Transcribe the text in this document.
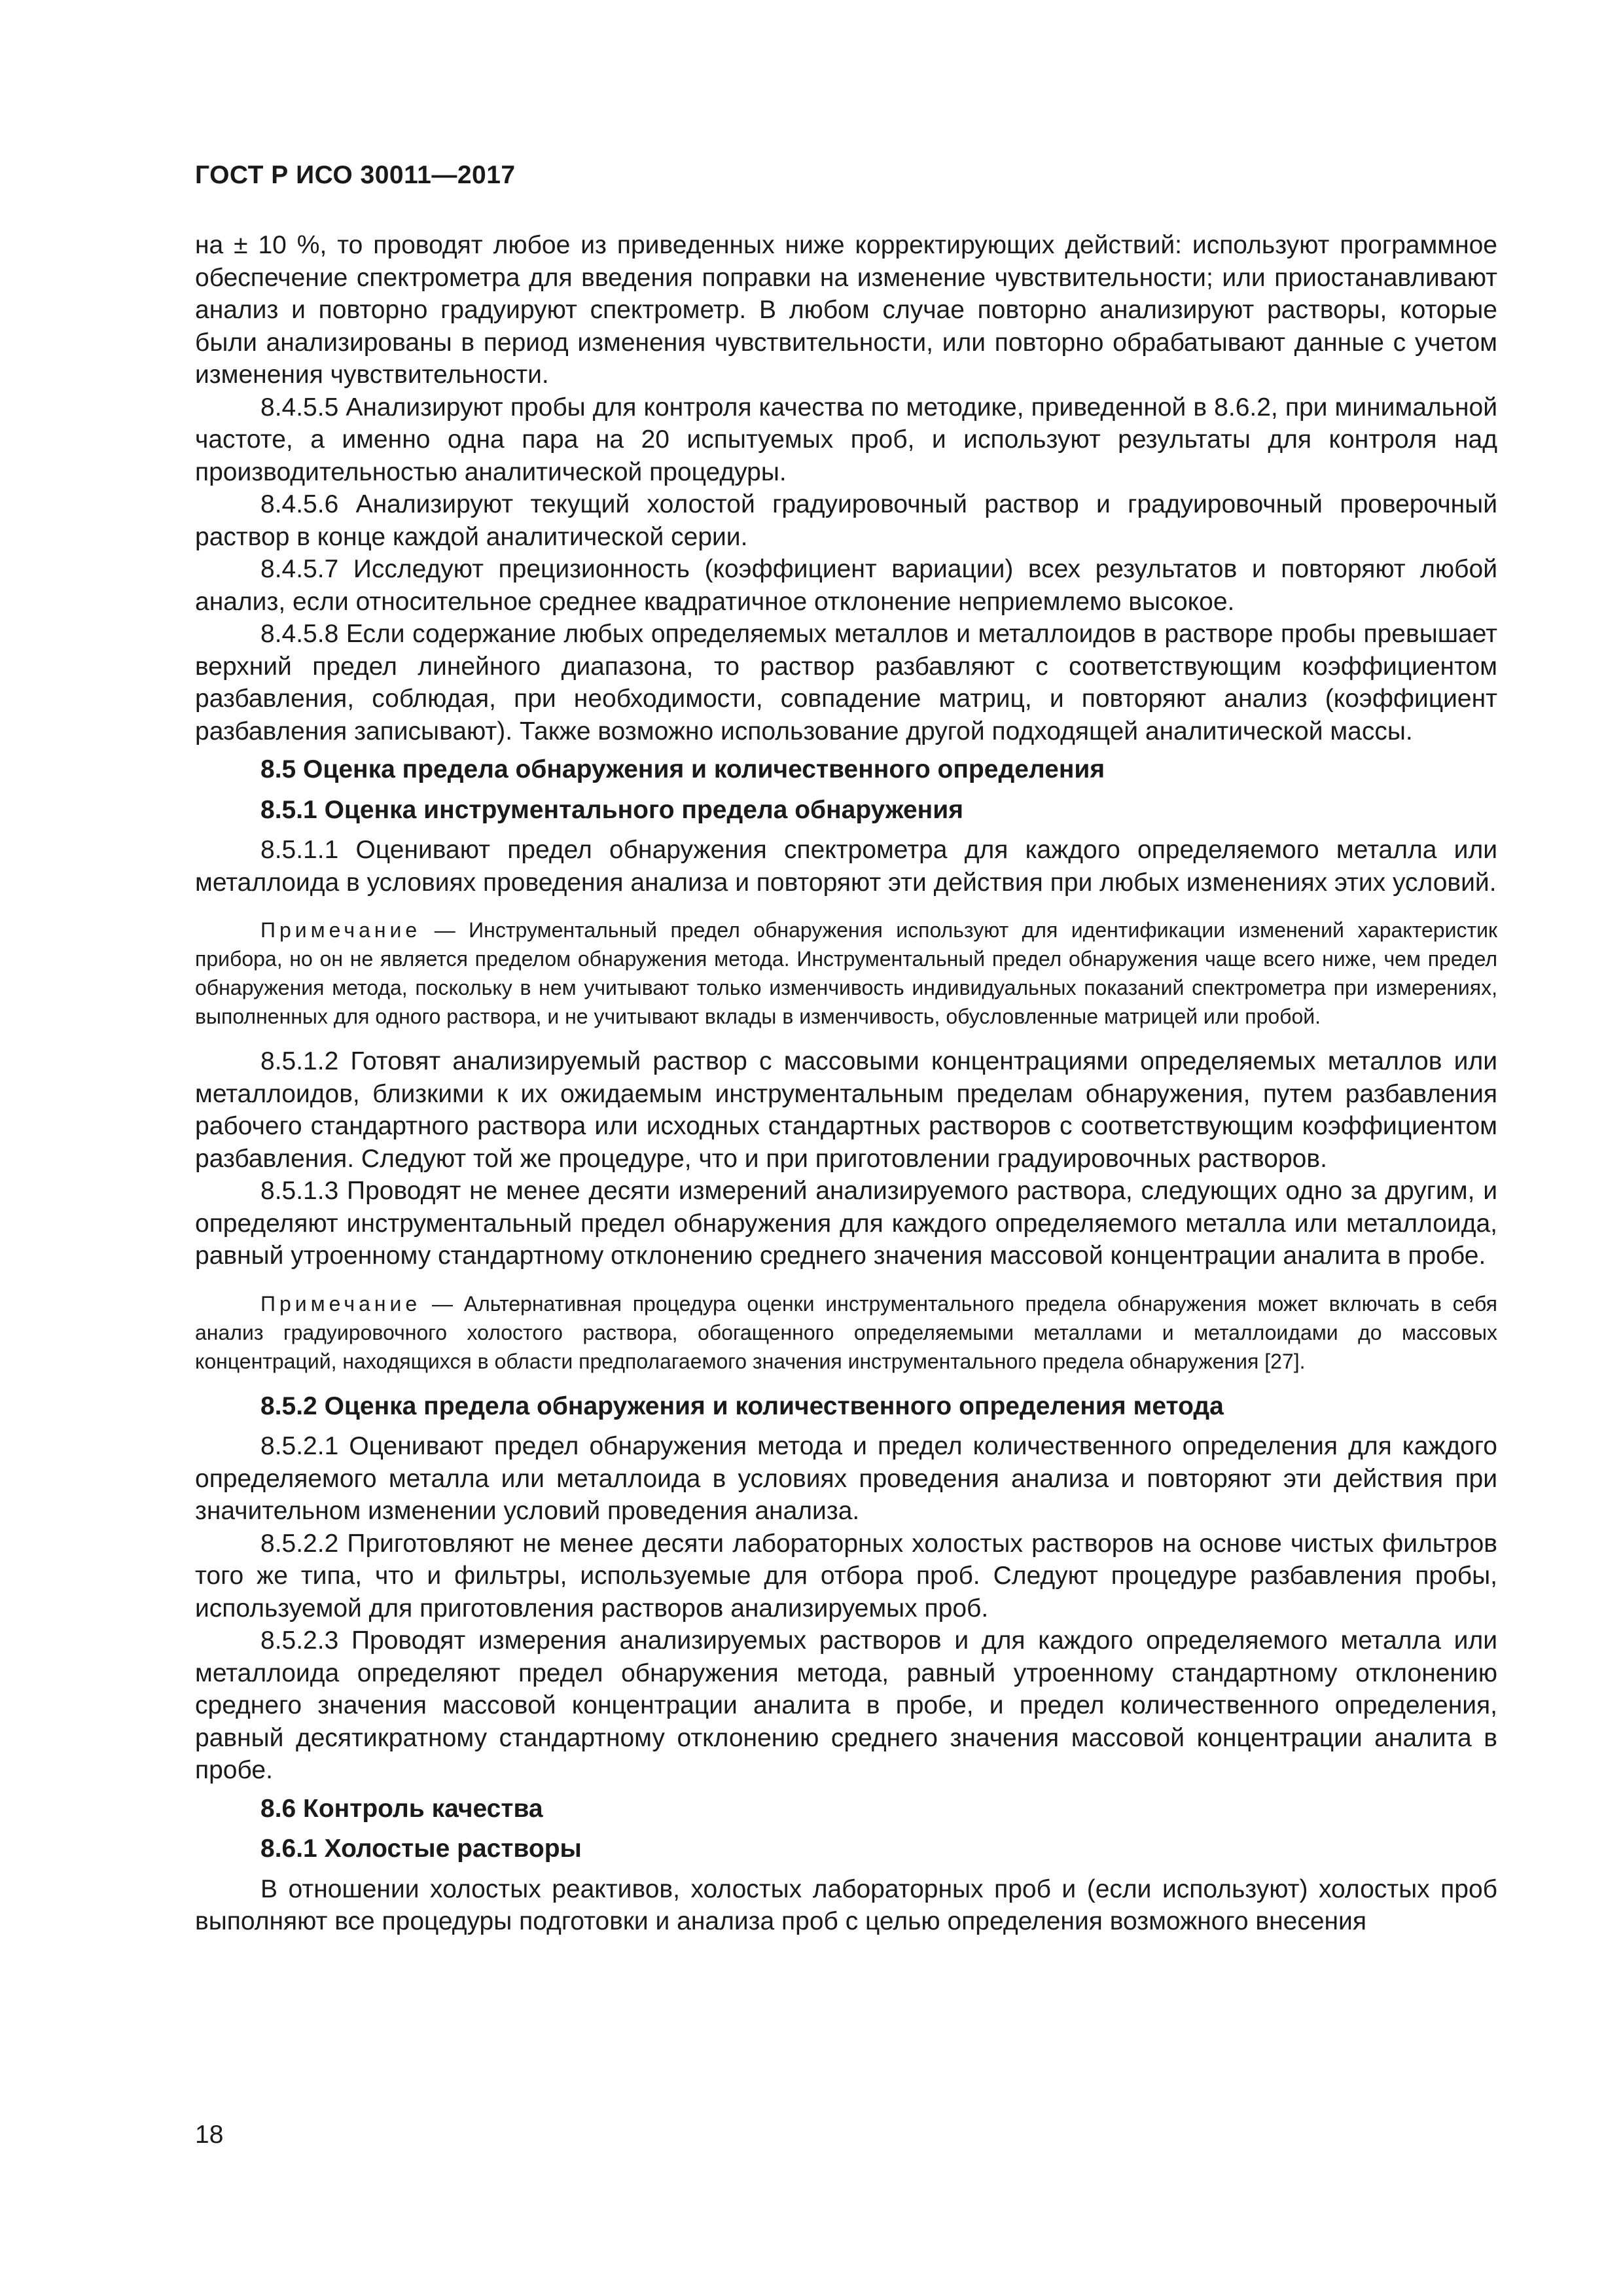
ГОСТ Р ИСО 30011—2017

на ± 10 %, то проводят любое из приведенных ниже корректирующих действий: используют программное обеспечение спектрометра для введения поправки на изменение чувствительности; или приостанавливают анализ и повторно градуируют спектрометр. В любом случае повторно анализируют растворы, которые были анализированы в период изменения чувствительности, или повторно обрабатывают данные с учетом изменения чувствительности.

8.4.5.5 Анализируют пробы для контроля качества по методике, приведенной в 8.6.2, при минимальной частоте, а именно одна пара на 20 испытуемых проб, и используют результаты для контроля над производительностью аналитической процедуры.

8.4.5.6 Анализируют текущий холостой градуировочный раствор и градуировочный проверочный раствор в конце каждой аналитической серии.

8.4.5.7 Исследуют прецизионность (коэффициент вариации) всех результатов и повторяют любой анализ, если относительное среднее квадратичное отклонение неприемлемо высокое.

8.4.5.8 Если содержание любых определяемых металлов и металлоидов в растворе пробы превышает верхний предел линейного диапазона, то раствор разбавляют с соответствующим коэффициентом разбавления, соблюдая, при необходимости, совпадение матриц, и повторяют анализ (коэффициент разбавления записывают). Также возможно использование другой подходящей аналитической массы.

8.5 Оценка предела обнаружения и количественного определения
8.5.1 Оценка инструментального предела обнаружения

8.5.1.1 Оценивают предел обнаружения спектрометра для каждого определяемого металла или металлоида в условиях проведения анализа и повторяют эти действия при любых изменениях этих условий.

Примечание — Инструментальный предел обнаружения используют для идентификации изменений характеристик прибора, но он не является пределом обнаружения метода. Инструментальный предел обнаружения чаще всего ниже, чем предел обнаружения метода, поскольку в нем учитывают только изменчивость индивидуальных показаний спектрометра при измерениях, выполненных для одного раствора, и не учитывают вклады в изменчивость, обусловленные матрицей или пробой.

8.5.1.2 Готовят анализируемый раствор с массовыми концентрациями определяемых металлов или металлоидов, близкими к их ожидаемым инструментальным пределам обнаружения, путем разбавления рабочего стандартного раствора или исходных стандартных растворов с соответствующим коэффициентом разбавления. Следуют той же процедуре, что и при приготовлении градуировочных растворов.

8.5.1.3 Проводят не менее десяти измерений анализируемого раствора, следующих одно за другим, и определяют инструментальный предел обнаружения для каждого определяемого металла или металлоида, равный утроенному стандартному отклонению среднего значения массовой концентрации аналита в пробе.

Примечание — Альтернативная процедура оценки инструментального предела обнаружения может включать в себя анализ градуировочного холостого раствора, обогащенного определяемыми металлами и металлоидами до массовых концентраций, находящихся в области предполагаемого значения инструментального предела обнаружения [27].

8.5.2 Оценка предела обнаружения и количественного определения метода

8.5.2.1 Оценивают предел обнаружения метода и предел количественного определения для каждого определяемого металла или металлоида в условиях проведения анализа и повторяют эти действия при значительном изменении условий проведения анализа.

8.5.2.2 Приготовляют не менее десяти лабораторных холостых растворов на основе чистых фильтров того же типа, что и фильтры, используемые для отбора проб. Следуют процедуре разбавления пробы, используемой для приготовления растворов анализируемых проб.

8.5.2.3 Проводят измерения анализируемых растворов и для каждого определяемого металла или металлоида определяют предел обнаружения метода, равный утроенному стандартному отклонению среднего значения массовой концентрации аналита в пробе, и предел количественного определения, равный десятикратному стандартному отклонению среднего значения массовой концентрации аналита в пробе.

8.6 Контроль качества
8.6.1 Холостые растворы

В отношении холостых реактивов, холостых лабораторных проб и (если используют) холостых проб выполняют все процедуры подготовки и анализа проб с целью определения возможного внесения

18
